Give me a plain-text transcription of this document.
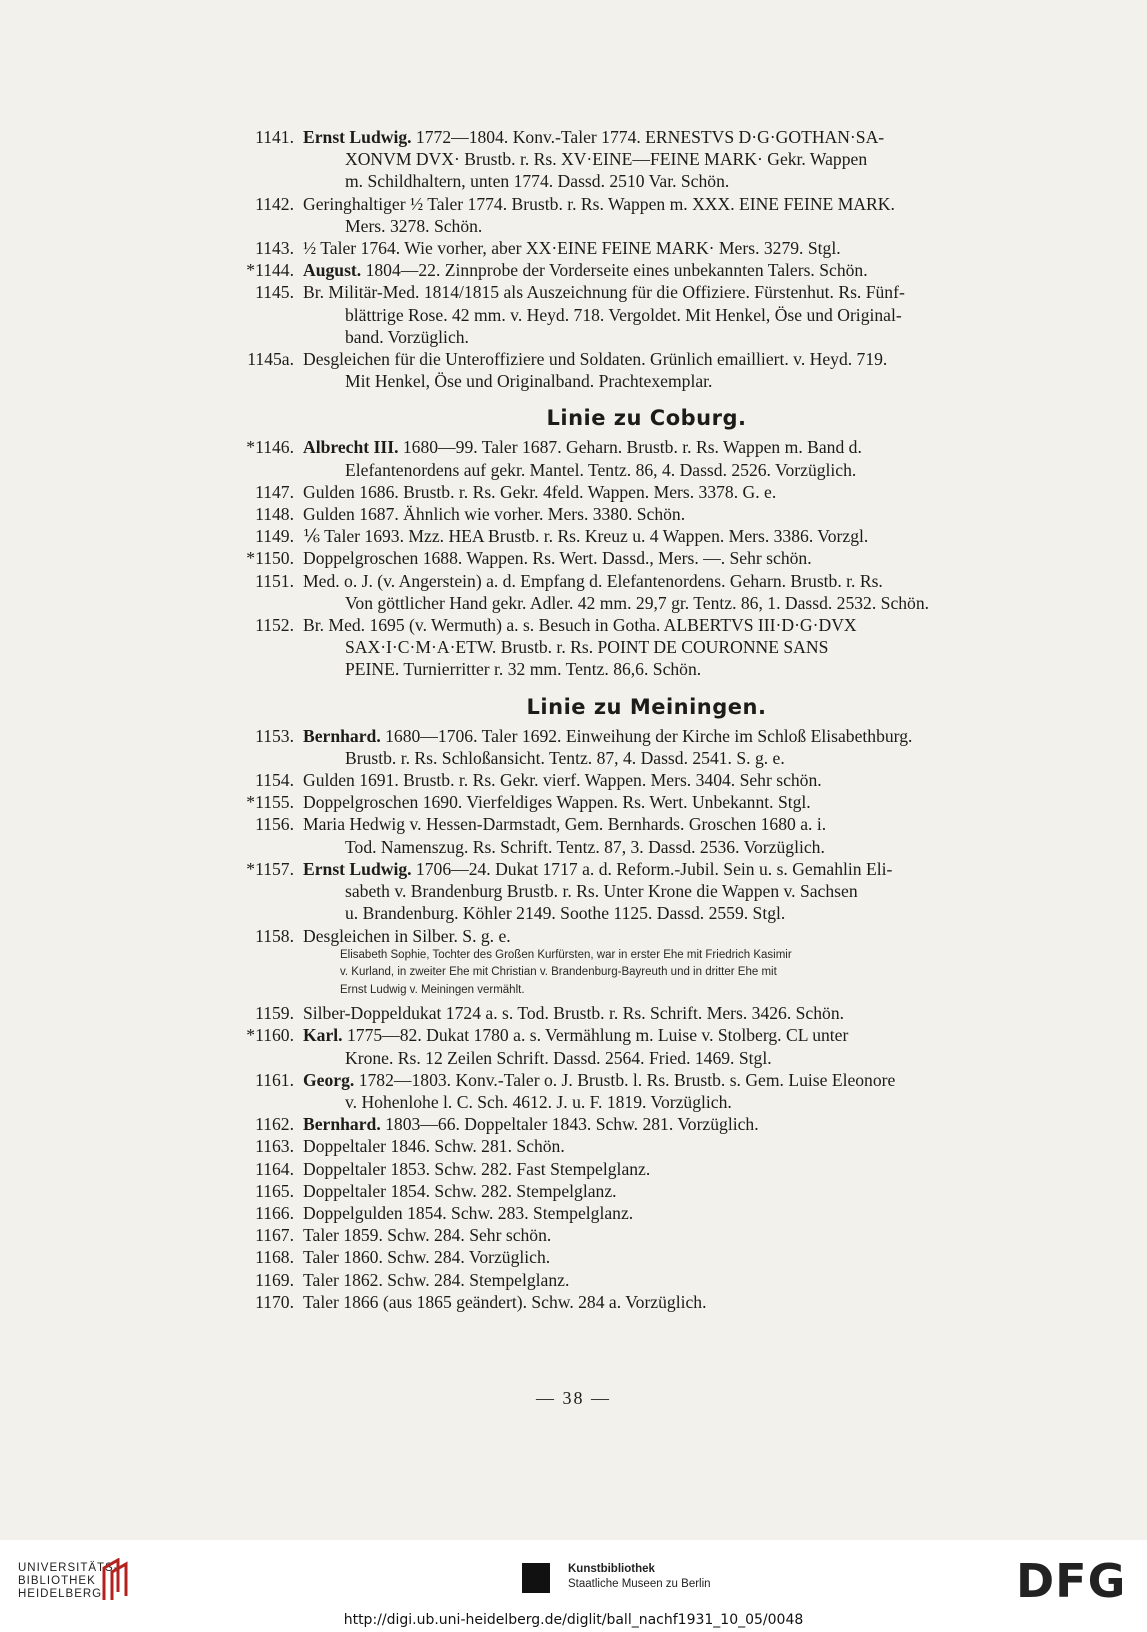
1141. Ernst Ludwig. 1772—1804. Konv.-Taler 1774. ERNESTVS D·G·GOTHAN·SA-
XONVM DVX· Brustb. r. Rs. XV·EINE—FEINE MARK· Gekr. Wappen
m. Schildhaltern, unten 1774. Dassd. 2510 Var. Schön.
1142. Geringhaltiger ½ Taler 1774. Brustb. r. Rs. Wappen m. XXX. EINE FEINE MARK.
Mers. 3278. Schön.
1143. ½ Taler 1764. Wie vorher, aber XX·EINE FEINE MARK· Mers. 3279. Stgl.
*1144. August. 1804—22. Zinnprobe der Vorderseite eines unbekannten Talers. Schön.
1145. Br. Militär-Med. 1814/1815 als Auszeichnung für die Offiziere. Fürstenhut. Rs. Fünf-
blättrige Rose. 42 mm. v. Heyd. 718. Vergoldet. Mit Henkel, Öse und Original-
band. Vorzüglich.
1145a. Desgleichen für die Unteroffiziere und Soldaten. Grünlich emailliert. v. Heyd. 719.
Mit Henkel, Öse und Originalband. Prachtexemplar.
Linie zu Coburg.
*1146. Albrecht III. 1680—99. Taler 1687. Geharn. Brustb. r. Rs. Wappen m. Band d.
Elefantenordens auf gekr. Mantel. Tentz. 86, 4. Dassd. 2526. Vorzüglich.
1147. Gulden 1686. Brustb. r. Rs. Gekr. 4feld. Wappen. Mers. 3378. G. e.
1148. Gulden 1687. Ähnlich wie vorher. Mers. 3380. Schön.
1149. ⅙ Taler 1693. Mzz. HEA Brustb. r. Rs. Kreuz u. 4 Wappen. Mers. 3386. Vorzgl.
*1150. Doppelgroschen 1688. Wappen. Rs. Wert. Dassd., Mers. —. Sehr schön.
1151. Med. o. J. (v. Angerstein) a. d. Empfang d. Elefantenordens. Geharn. Brustb. r. Rs.
Von göttlicher Hand gekr. Adler. 42 mm. 29,7 gr. Tentz. 86, 1. Dassd. 2532. Schön.
1152. Br. Med. 1695 (v. Wermuth) a. s. Besuch in Gotha. ALBERTVS III·D·G·DVX
SAX·I·C·M·A·ETW. Brustb. r. Rs. POINT DE COURONNE SANS
PEINE. Turnierritter r. 32 mm. Tentz. 86,6. Schön.
Linie zu Meiningen.
1153. Bernhard. 1680—1706. Taler 1692. Einweihung der Kirche im Schloß Elisabethburg.
Brustb. r. Rs. Schloßansicht. Tentz. 87, 4. Dassd. 2541. S. g. e.
1154. Gulden 1691. Brustb. r. Rs. Gekr. vierf. Wappen. Mers. 3404. Sehr schön.
*1155. Doppelgroschen 1690. Vierfeldiges Wappen. Rs. Wert. Unbekannt. Stgl.
1156. Maria Hedwig v. Hessen-Darmstadt, Gem. Bernhards. Groschen 1680 a. i.
Tod. Namenszug. Rs. Schrift. Tentz. 87, 3. Dassd. 2536. Vorzüglich.
*1157. Ernst Ludwig. 1706—24. Dukat 1717 a. d. Reform.-Jubil. Sein u. s. Gemahlin Eli-
sabeth v. Brandenburg Brustb. r. Rs. Unter Krone die Wappen v. Sachsen
u. Brandenburg. Köhler 2149. Soothe 1125. Dassd. 2559. Stgl.
1158. Desgleichen in Silber. S. g. e.
Elisabeth Sophie, Tochter des Großen Kurfürsten, war in erster Ehe mit Friedrich Kasimir
v. Kurland, in zweiter Ehe mit Christian v. Brandenburg-Bayreuth und in dritter Ehe mit
Ernst Ludwig v. Meiningen vermählt.
1159. Silber-Doppeldukat 1724 a. s. Tod. Brustb. r. Rs. Schrift. Mers. 3426. Schön.
*1160. Karl. 1775—82. Dukat 1780 a. s. Vermählung m. Luise v. Stolberg. CL unter
Krone. Rs. 12 Zeilen Schrift. Dassd. 2564. Fried. 1469. Stgl.
1161. Georg. 1782—1803. Konv.-Taler o. J. Brustb. l. Rs. Brustb. s. Gem. Luise Eleonore
v. Hohenlohe l. C. Sch. 4612. J. u. F. 1819. Vorzüglich.
1162. Bernhard. 1803—66. Doppeltaler 1843. Schw. 281. Vorzüglich.
1163. Doppeltaler 1846. Schw. 281. Schön.
1164. Doppeltaler 1853. Schw. 282. Fast Stempelglanz.
1165. Doppeltaler 1854. Schw. 282. Stempelglanz.
1166. Doppelgulden 1854. Schw. 283. Stempelglanz.
1167. Taler 1859. Schw. 284. Sehr schön.
1168. Taler 1860. Schw. 284. Vorzüglich.
1169. Taler 1862. Schw. 284. Stempelglanz.
1170. Taler 1866 (aus 1865 geändert). Schw. 284 a. Vorzüglich.
— 38 —
UNIVERSITÄTS-
BIBLIOTHEK
HEIDELBERG
Kunstbibliothek
Staatliche Museen zu Berlin	DFG
http://digi.ub.uni-heidelberg.de/diglit/ball_nachf1931_10_05/0048
